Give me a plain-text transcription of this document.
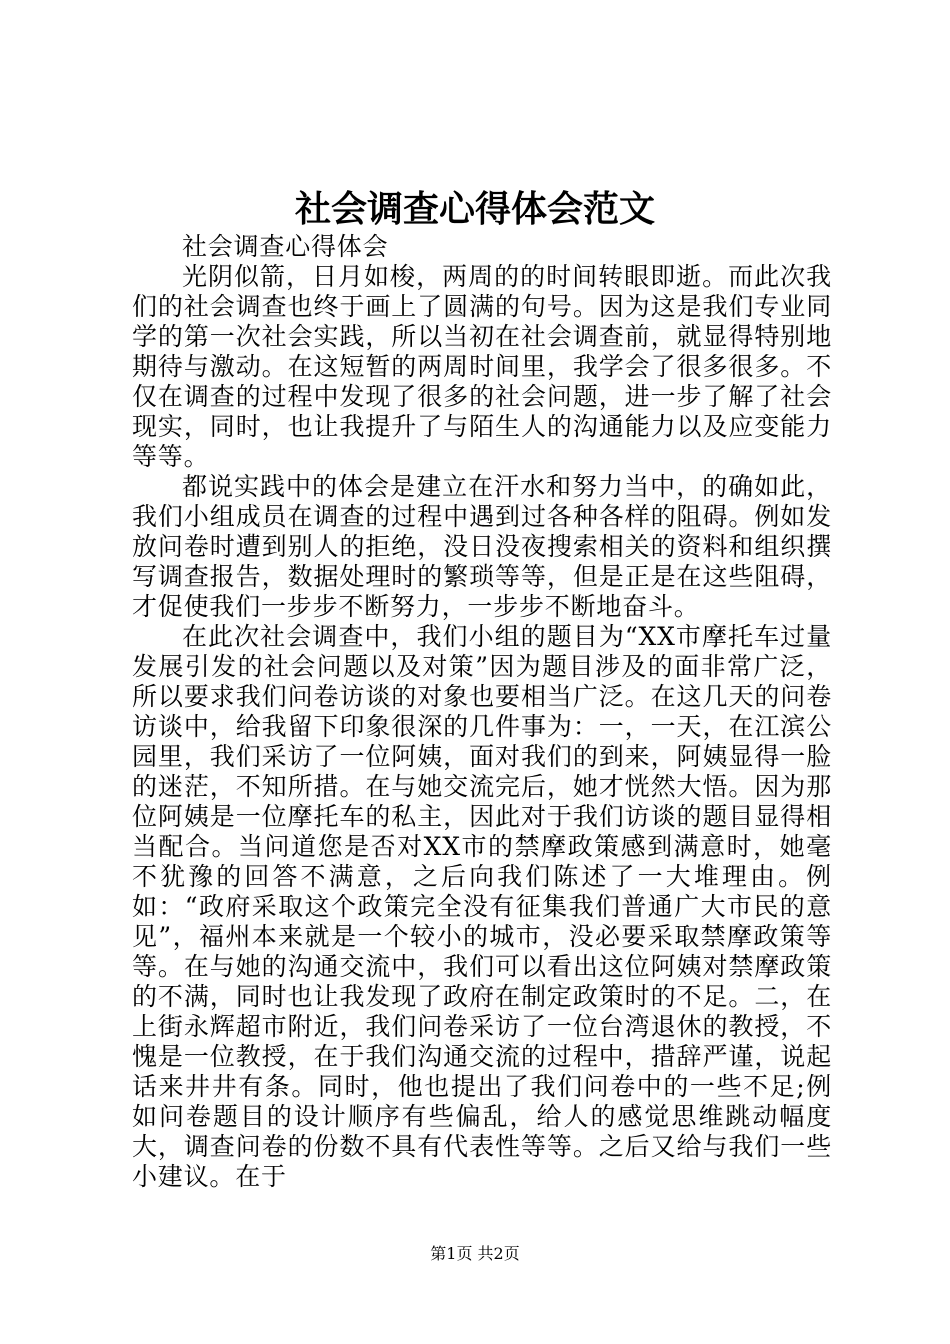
社会调查心得体会范文

社会调查心得体会

光阴似箭，日月如梭，两周的的时间转眼即逝。而此次我们的社会调查也终于画上了圆满的句号。因为这是我们专业同学的第一次社会实践，所以当初在社会调查前，就显得特别地期待与激动。在这短暂的两周时间里，我学会了很多很多。不仅在调查的过程中发现了很多的社会问题，进一步了解了社会现实，同时，也让我提升了与陌生人的沟通能力以及应变能力等等。

都说实践中的体会是建立在汗水和努力当中，的确如此，我们小组成员在调查的过程中遇到过各种各样的阻碍。例如发放问卷时遭到别人的拒绝，没日没夜搜索相关的资料和组织撰写调查报告，数据处理时的繁琐等等，但是正是在这些阻碍，才促使我们一步步不断努力，一步步不断地奋斗。

在此次社会调查中，我们小组的题目为“XX市摩托车过量发展引发的社会问题以及对策”因为题目涉及的面非常广泛，所以要求我们问卷访谈的对象也要相当广泛。在这几天的问卷访谈中，给我留下印象很深的几件事为：一，一天，在江滨公园里，我们采访了一位阿姨，面对我们的到来，阿姨显得一脸的迷茫，不知所措。在与她交流完后，她才恍然大悟。因为那位阿姨是一位摩托车的私主，因此对于我们访谈的题目显得相当配合。当问道您是否对XX市的禁摩政策感到满意时，她毫不犹豫的回答不满意，之后向我们陈述了一大堆理由。例如：“政府采取这个政策完全没有征集我们普通广大市民的意见”，福州本来就是一个较小的城市，没必要采取禁摩政策等等。在与她的沟通交流中，我们可以看出这位阿姨对禁摩政策的不满，同时也让我发现了政府在制定政策时的不足。二，在上街永辉超市附近，我们问卷采访了一位台湾退休的教授，不愧是一位教授，在于我们沟通交流的过程中，措辞严谨，说起话来井井有条。同时，他也提出了我们问卷中的一些不足;例如问卷题目的设计顺序有些偏乱，给人的感觉思维跳动幅度大，调查问卷的份数不具有代表性等等。之后又给与我们一些小建议。在于

第1页 共2页
